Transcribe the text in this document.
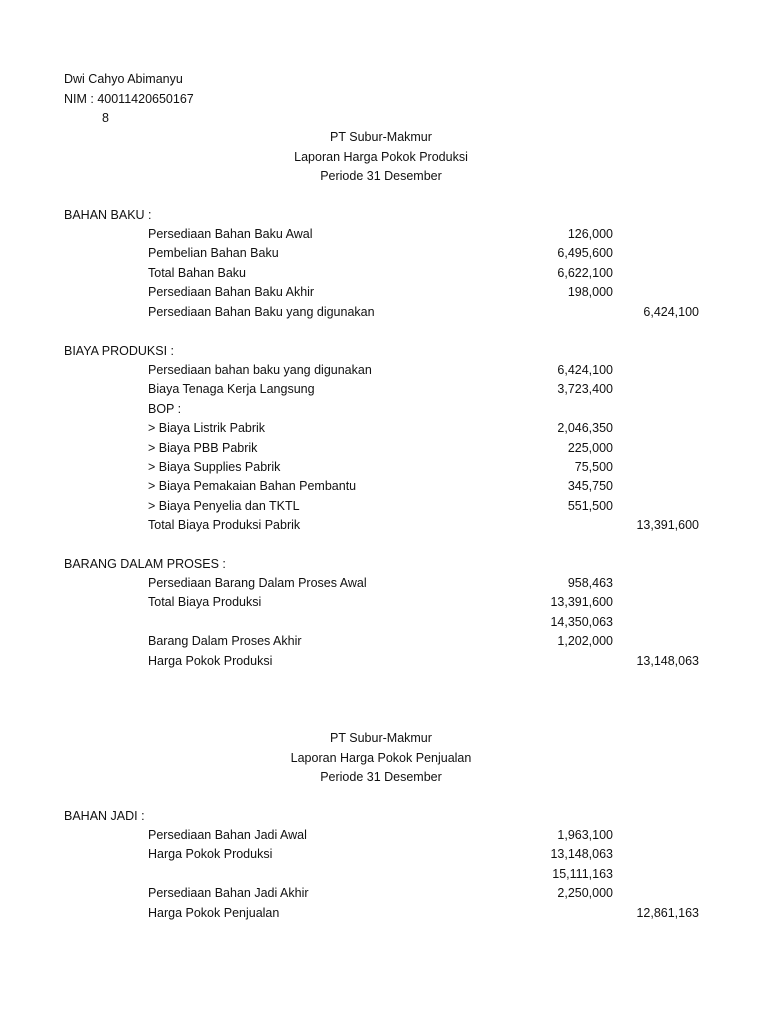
Dwi Cahyo Abimanyu
NIM : 40011420650167
8
PT Subur-Makmur
Laporan Harga Pokok Produksi
Periode 31 Desember
BAHAN BAKU :
Persediaan Bahan Baku Awal	126,000
Pembelian Bahan Baku	6,495,600
Total Bahan Baku	6,622,100
Persediaan Bahan Baku Akhir	198,000
Persediaan Bahan Baku yang digunakan	6,424,100
BIAYA PRODUKSI :
Persediaan bahan baku yang digunakan	6,424,100
Biaya Tenaga Kerja Langsung	3,723,400
BOP :
> Biaya Listrik Pabrik	2,046,350
> Biaya PBB Pabrik	225,000
> Biaya Supplies Pabrik	75,500
> Biaya Pemakaian Bahan Pembantu	345,750
> Biaya Penyelia dan TKTL	551,500
Total Biaya Produksi Pabrik	13,391,600
BARANG DALAM PROSES :
Persediaan Barang Dalam Proses Awal	958,463
Total Biaya Produksi	13,391,600
14,350,063
Barang Dalam Proses Akhir	1,202,000
Harga Pokok Produksi	13,148,063
PT Subur-Makmur
Laporan Harga Pokok Penjualan
Periode 31 Desember
BAHAN JADI :
Persediaan Bahan Jadi Awal	1,963,100
Harga Pokok Produksi	13,148,063
15,111,163
Persediaan Bahan Jadi Akhir	2,250,000
Harga Pokok Penjualan	12,861,163
